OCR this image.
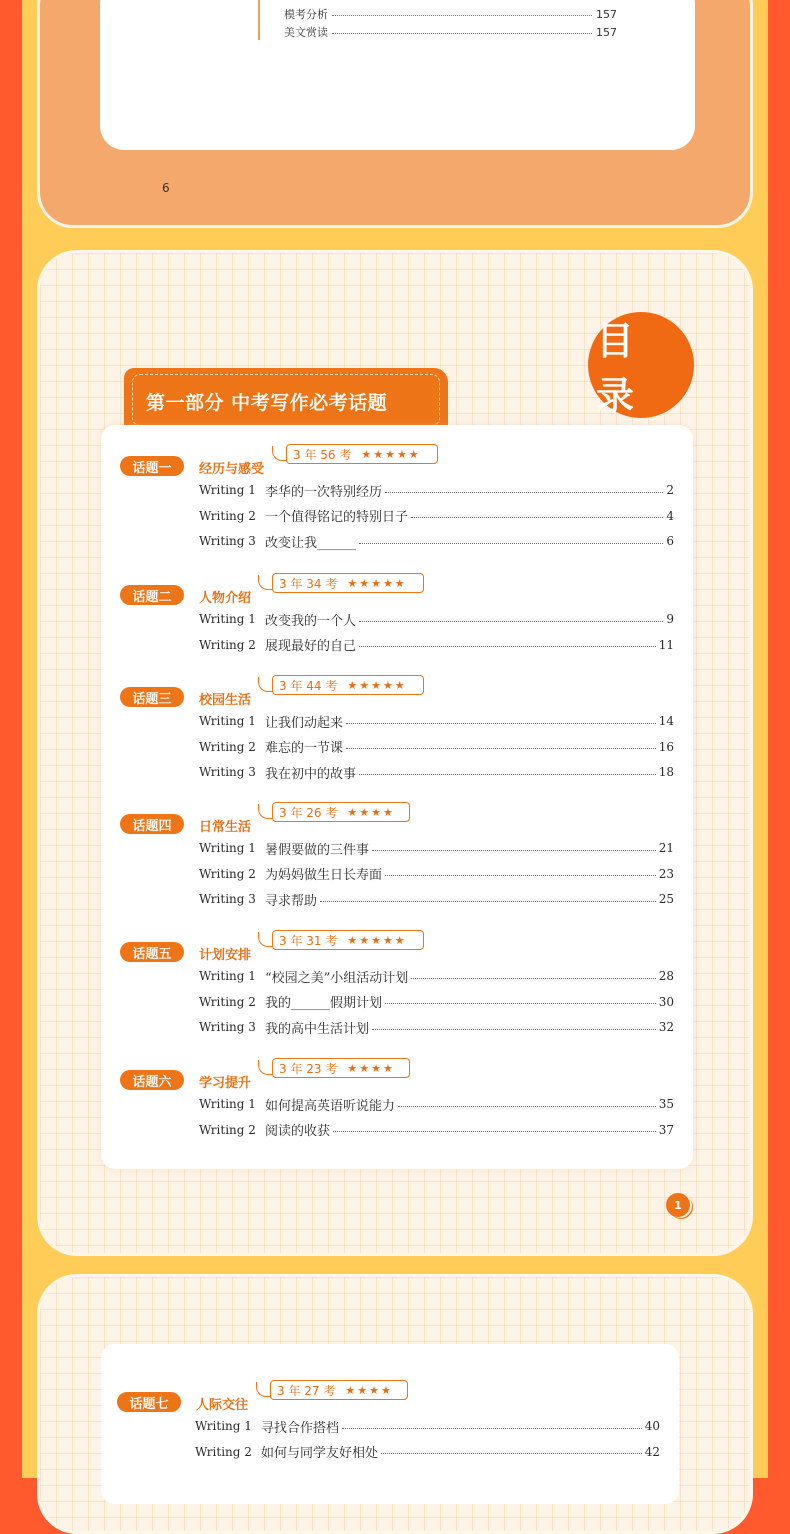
模考分析	157
美文赏读	157
6
目 录
第一部分 中考写作必考话题
话题一	经历与感受
3 年 56 考 ★★★★★
Writing 1 李华的一次特别经历	2
Writing 2 一个值得铭记的特别日子	4
Writing 3 改变让我______	6
话题二	人物介绍
3 年 34 考 ★★★★★
Writing 1 改变我的一个人	9
Writing 2 展现最好的自己	11
话题三	校园生活
3 年 44 考 ★★★★★
Writing 1 让我们动起来	14
Writing 2 难忘的一节课	16
Writing 3 我在初中的故事	18
话题四	日常生活
3 年 26 考 ★★★★
Writing 1 暑假要做的三件事	21
Writing 2 为妈妈做生日长寿面	23
Writing 3 寻求帮助	25
话题五	计划安排
3 年 31 考 ★★★★★
Writing 1 “校园之美”小组活动计划	28
Writing 2 我的______假期计划	30
Writing 3 我的高中生活计划	32
话题六	学习提升
3 年 23 考 ★★★★
Writing 1 如何提高英语听说能力	35
Writing 2 阅读的收获	37
1
话题七	人际交往
3 年 27 考 ★★★★
Writing 1 寻找合作搭档	40
Writing 2 如何与同学友好相处	42
